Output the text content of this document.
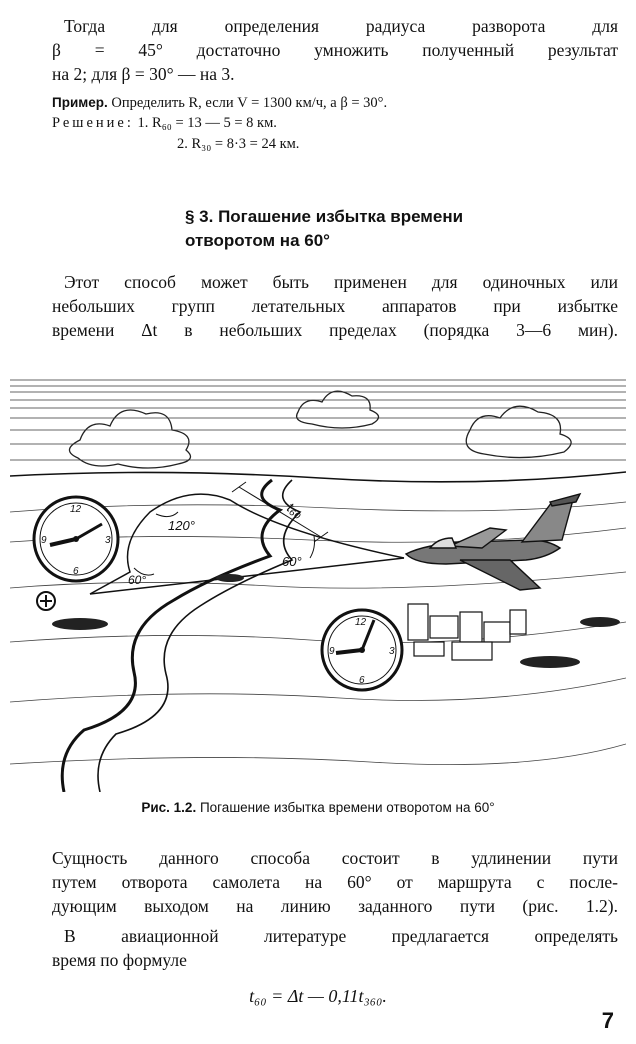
Тогда для определения радиуса разворота для
β = 45° достаточно умножить полученный результат
на 2; для β = 30° — на 3.
Пример. Определить R, если V = 1300 км/ч, а β = 30°.
Решение: 1. R₆₀ = 13 — 5 = 8 км.
2. R₃₀ = 8·3 = 24 км.
§ 3. Погашение избытка времени
отворотом на 60°
Этот способ может быть применен для одиночных или
небольших групп летательных аппаратов при избытке
времени Δt в небольших пределах (порядка 3—6 мин).
120°
60°
60°
t₆₀
12
3
6
9
12
3
6
9
Рис. 1.2. Погашение избытка времени отворотом на 60°
Сущность данного способа состоит в удлинении пути
путем отворота самолета на 60° от маршрута с после-
дующим выходом на линию заданного пути (рис. 1.2).
В авиационной литературе предлагается определять
время по формуле
t₆₀ = Δt — 0,11t₃₆₀.
7
